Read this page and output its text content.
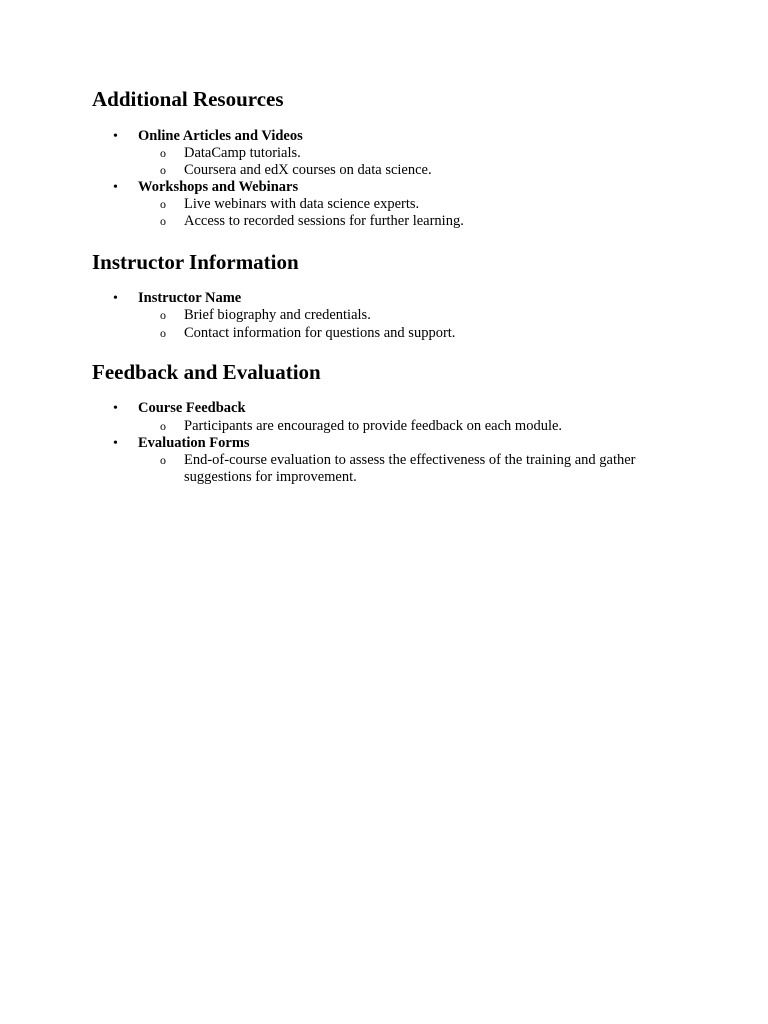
Additional Resources
• Online Articles and Videos
o DataCamp tutorials.
o Coursera and edX courses on data science.
• Workshops and Webinars
o Live webinars with data science experts.
o Access to recorded sessions for further learning.
Instructor Information
• Instructor Name
o Brief biography and credentials.
o Contact information for questions and support.
Feedback and Evaluation
• Course Feedback
o Participants are encouraged to provide feedback on each module.
• Evaluation Forms
o End-of-course evaluation to assess the effectiveness of the training and gather suggestions for improvement.
